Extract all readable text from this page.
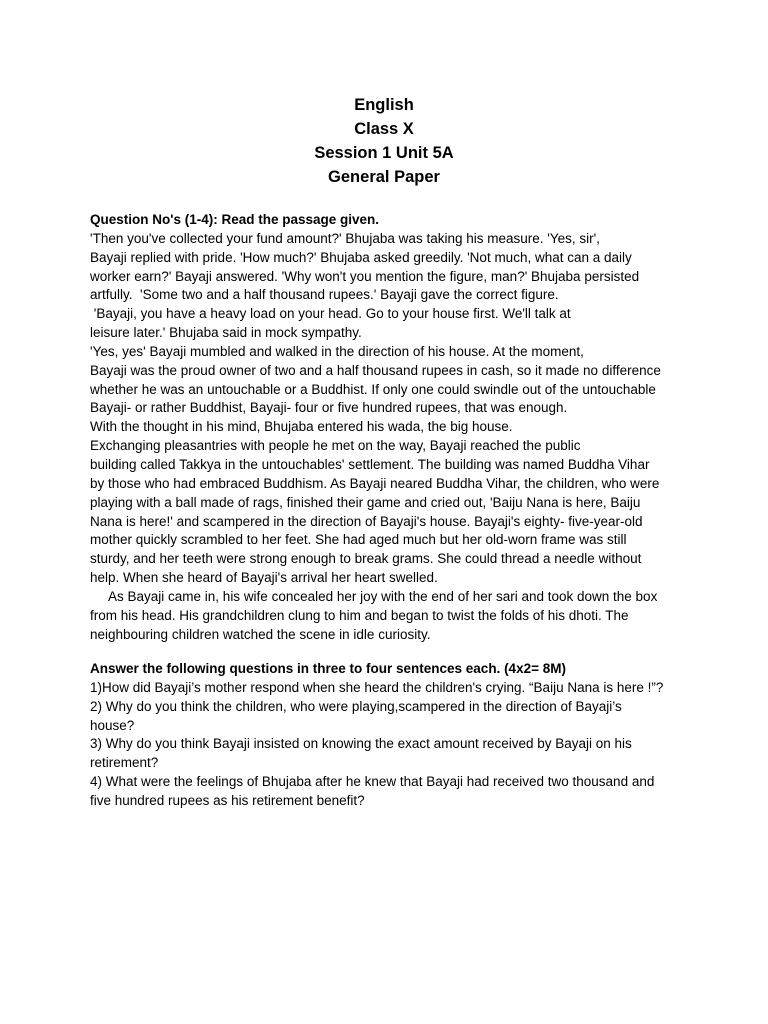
English
Class X
Session 1 Unit 5A
General Paper
Question No's (1-4): Read the passage given.
'Then you've collected your fund amount?' Bhujaba was taking his measure. 'Yes, sir',
Bayaji replied with pride. 'How much?' Bhujaba asked greedily. 'Not much, what can a daily
worker earn?' Bayaji answered. 'Why won't you mention the figure, man?' Bhujaba persisted
artfully.  'Some two and a half thousand rupees.' Bayaji gave the correct figure.
'Bayaji, you have a heavy load on your head. Go to your house first. We'll talk at
leisure later.' Bhujaba said in mock sympathy.
'Yes, yes' Bayaji mumbled and walked in the direction of his house. At the moment,
Bayaji was the proud owner of two and a half thousand rupees in cash, so it made no difference
whether he was an untouchable or a Buddhist. If only one could swindle out of the untouchable
Bayaji- or rather Buddhist, Bayaji- four or five hundred rupees, that was enough.
With the thought in his mind, Bhujaba entered his wada, the big house.
Exchanging pleasantries with people he met on the way, Bayaji reached the public
building called Takkya in the untouchables' settlement. The building was named Buddha Vihar
by those who had embraced Buddhism. As Bayaji neared Buddha Vihar, the children, who were
playing with a ball made of rags, finished their game and cried out, 'Baiju Nana is here, Baiju
Nana is here!' and scampered in the direction of Bayaji's house. Bayaji's eighty- five-year-old
mother quickly scrambled to her feet. She had aged much but her old-worn frame was still
sturdy, and her teeth were strong enough to break grams. She could thread a needle without
help. When she heard of Bayaji's arrival her heart swelled.
As Bayaji came in, his wife concealed her joy with the end of her sari and took down the box
from his head. His grandchildren clung to him and began to twist the folds of his dhoti. The
neighbouring children watched the scene in idle curiosity.
Answer the following questions in three to four sentences each. (4x2= 8M)
1)How did Bayaji’s mother respond when she heard the children's crying. “Baiju Nana is here !”?
2) Why do you think the children, who were playing,scampered in the direction of Bayaji’s
house?
3) Why do you think Bayaji insisted on knowing the exact amount received by Bayaji on his
retirement?
4) What were the feelings of Bhujaba after he knew that Bayaji had received two thousand and
five hundred rupees as his retirement benefit?
